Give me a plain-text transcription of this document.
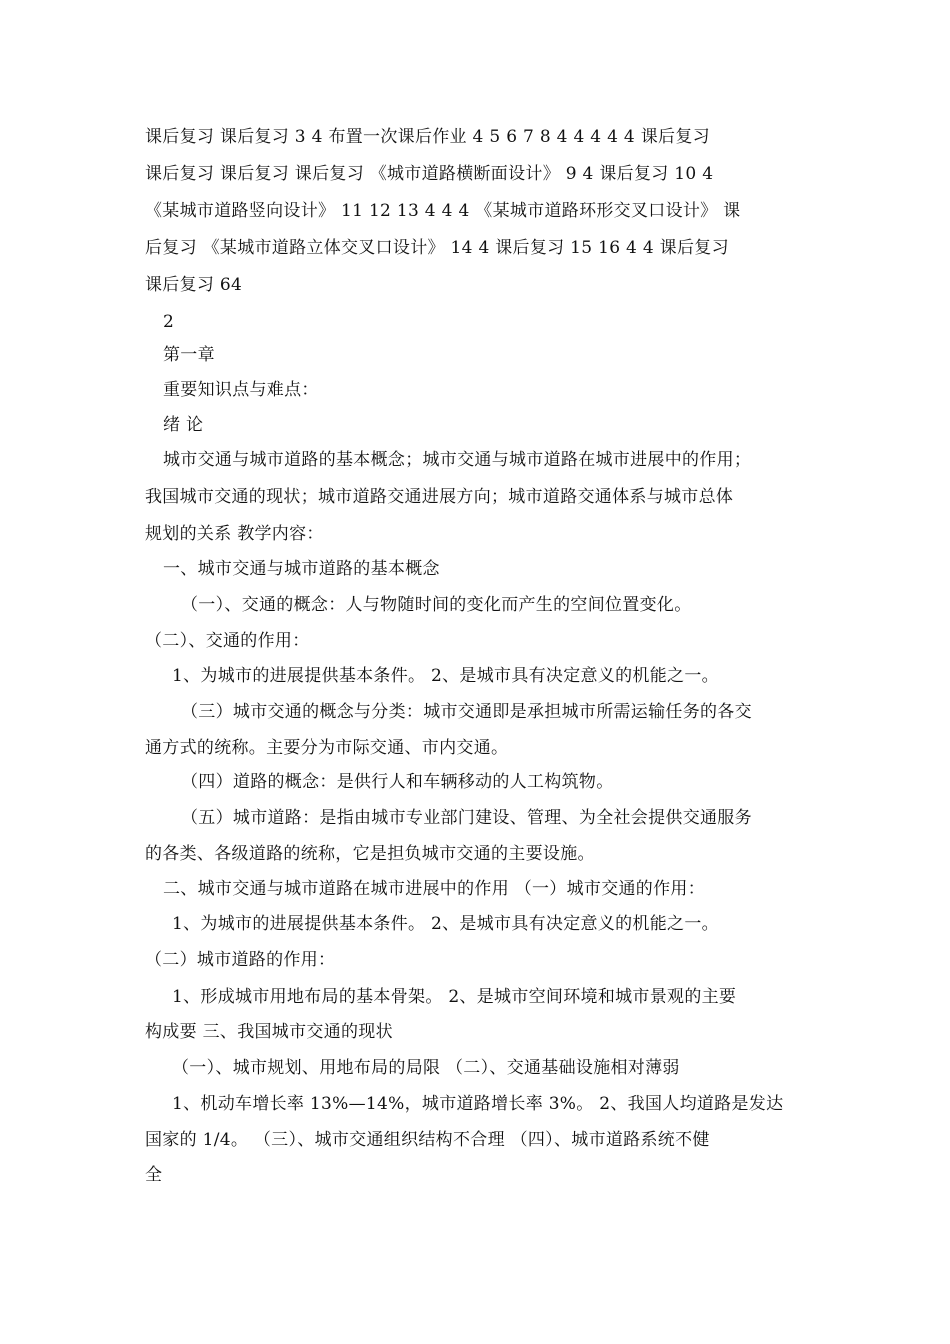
课后复习 课后复习 3 4 布置一次课后作业 4 5 6 7 8 4 4 4 4 4 课后复习
课后复习 课后复习 课后复习 《城市道路横断面设计》 9 4 课后复习 10 4
《某城市道路竖向设计》 11 12 13 4 4 4 《某城市道路环形交叉口设计》 课
后复习 《某城市道路立体交叉口设计》 14 4 课后复习 15 16 4 4 课后复习
课后复习 64
2
第一章
重要知识点与难点：
绪 论
城市交通与城市道路的基本概念；城市交通与城市道路在城市进展中的作用；
我国城市交通的现状；城市道路交通进展方向；城市道路交通体系与城市总体
规划的关系 教学内容：
一、城市交通与城市道路的基本概念
（一）、交通的概念：人与物随时间的变化而产生的空间位置变化。
（二）、交通的作用：
1、为城市的进展提供基本条件。 2、是城市具有决定意义的机能之一。
（三）城市交通的概念与分类：城市交通即是承担城市所需运输任务的各交
通方式的统称。主要分为市际交通、市内交通。
（四）道路的概念：是供行人和车辆移动的人工构筑物。
（五）城市道路：是指由城市专业部门建设、管理、为全社会提供交通服务
的各类、各级道路的统称，它是担负城市交通的主要设施。
二、城市交通与城市道路在城市进展中的作用 （一）城市交通的作用：
1、为城市的进展提供基本条件。 2、是城市具有决定意义的机能之一。
（二）城市道路的作用：
1、形成城市用地布局的基本骨架。 2、是城市空间环境和城市景观的主要
构成要 三、我国城市交通的现状
（一）、城市规划、用地布局的局限 （二）、交通基础设施相对薄弱
1、机动车增长率 13%—14%，城市道路增长率 3%。 2、我国人均道路是发达
国家的 1/4。 （三）、城市交通组织结构不合理 （四）、城市道路系统不健
全
